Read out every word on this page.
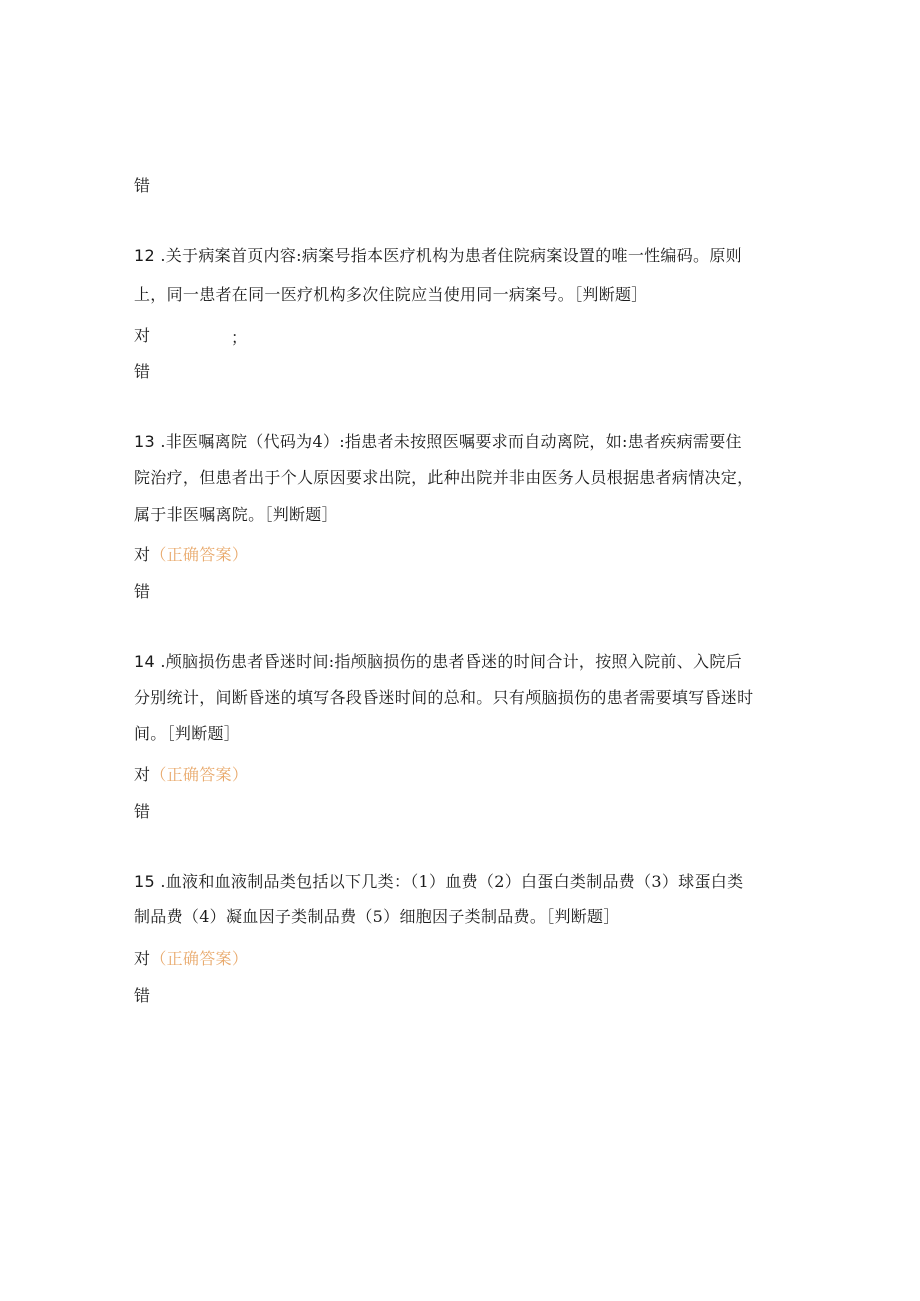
错
12 .关于病案首页内容:病案号指本医疗机构为患者住院病案设置的唯一性编码。原则
上，同一患者在同一医疗机构多次住院应当使用同一病案号。［判断题］
对	；
错
13 .非医嘱离院（代码为4）:指患者未按照医嘱要求而自动离院，如:患者疾病需要住
院治疗，但患者出于个人原因要求出院，此种出院并非由医务人员根据患者病情决定，
属于非医嘱离院。［判断题］
对（正确答案）
错
14 .颅脑损伤患者昏迷时间:指颅脑损伤的患者昏迷的时间合计，按照入院前、入院后
分别统计，间断昏迷的填写各段昏迷时间的总和。只有颅脑损伤的患者需要填写昏迷时
间。［判断题］
对（正确答案）
错
15 .血液和血液制品类包括以下几类：（1）血费（2）白蛋白类制品费（3）球蛋白类
制品费（4）凝血因子类制品费（5）细胞因子类制品费。［判断题］
对（正确答案）
错
